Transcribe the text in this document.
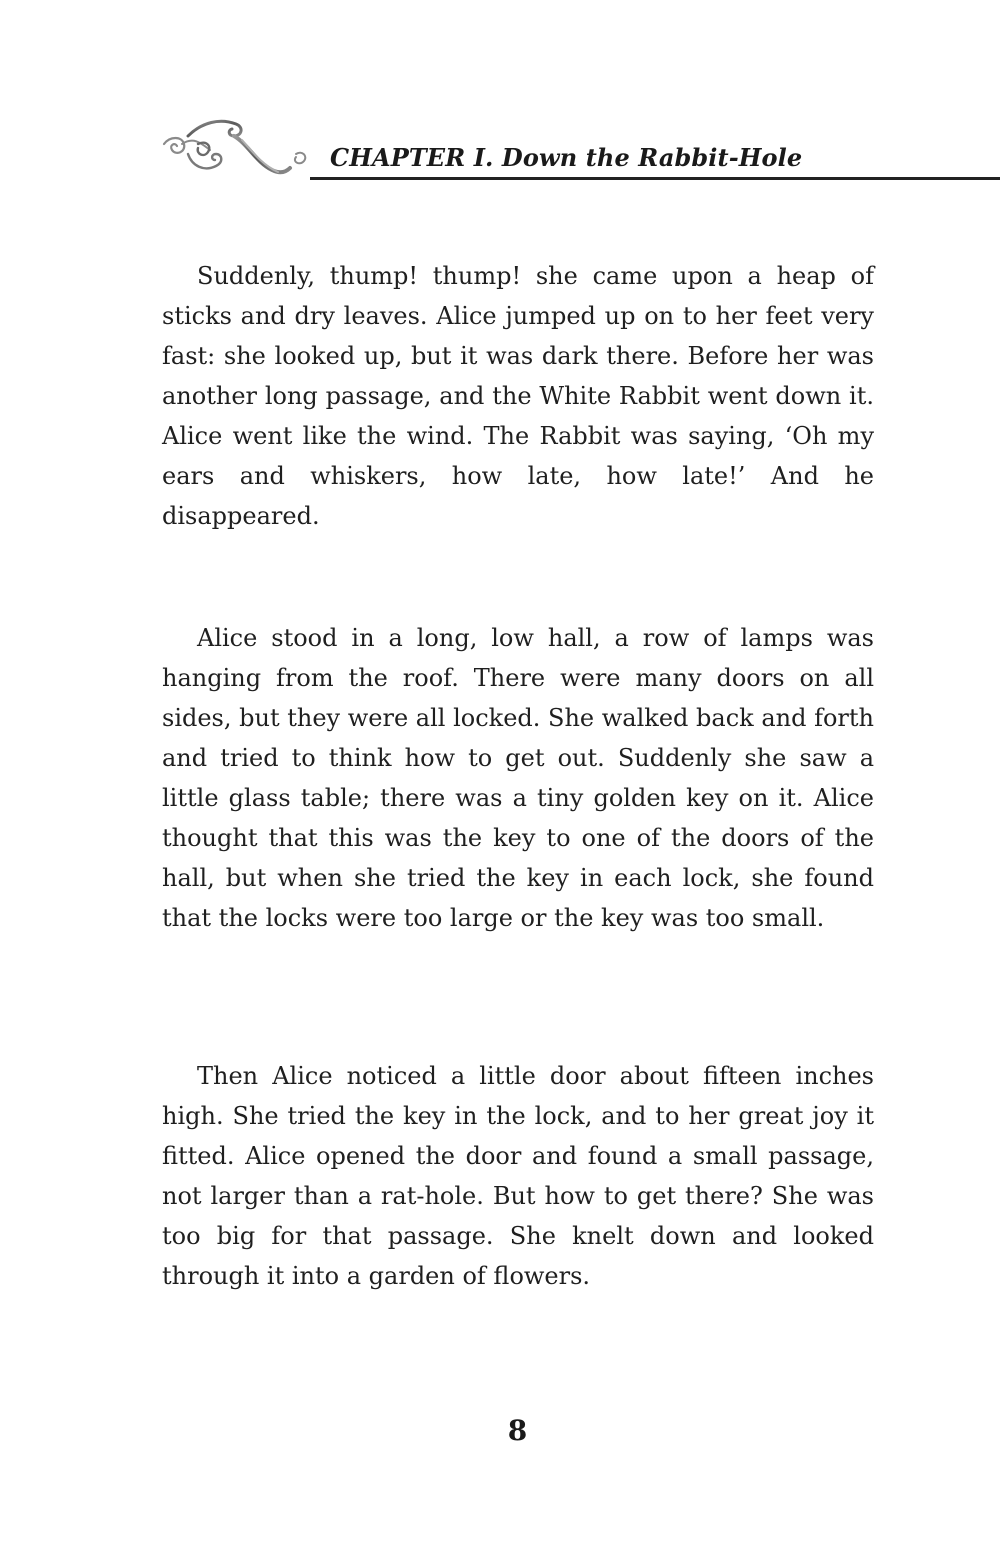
CHAPTER I. Down the Rabbit-Hole

Suddenly, thump! thump! she came upon a heap of sticks and dry leaves. Alice jumped up on to her feet very fast: she looked up, but it was dark there. Before her was another long passage, and the White Rabbit went down it. Alice went like the wind. The Rabbit was saying, ‘Oh my ears and whiskers, how late, how late!’ And he disappeared.

Alice stood in a long, low hall, a row of lamps was hanging from the roof. There were many doors on all sides, but they were all locked. She walked back and forth and tried to think how to get out. Suddenly she saw a little glass table; there was a tiny golden key on it. Alice thought that this was the key to one of the doors of the hall, but when she tried the key in each lock, she found that the locks were too large or the key was too small.

Then Alice noticed a little door about fifteen inches high. She tried the key in the lock, and to her great joy it fitted. Alice opened the door and found a small passage, not larger than a rat-hole. But how to get there? She was too big for that passage. She knelt down and looked through it into a garden of flowers.

8
